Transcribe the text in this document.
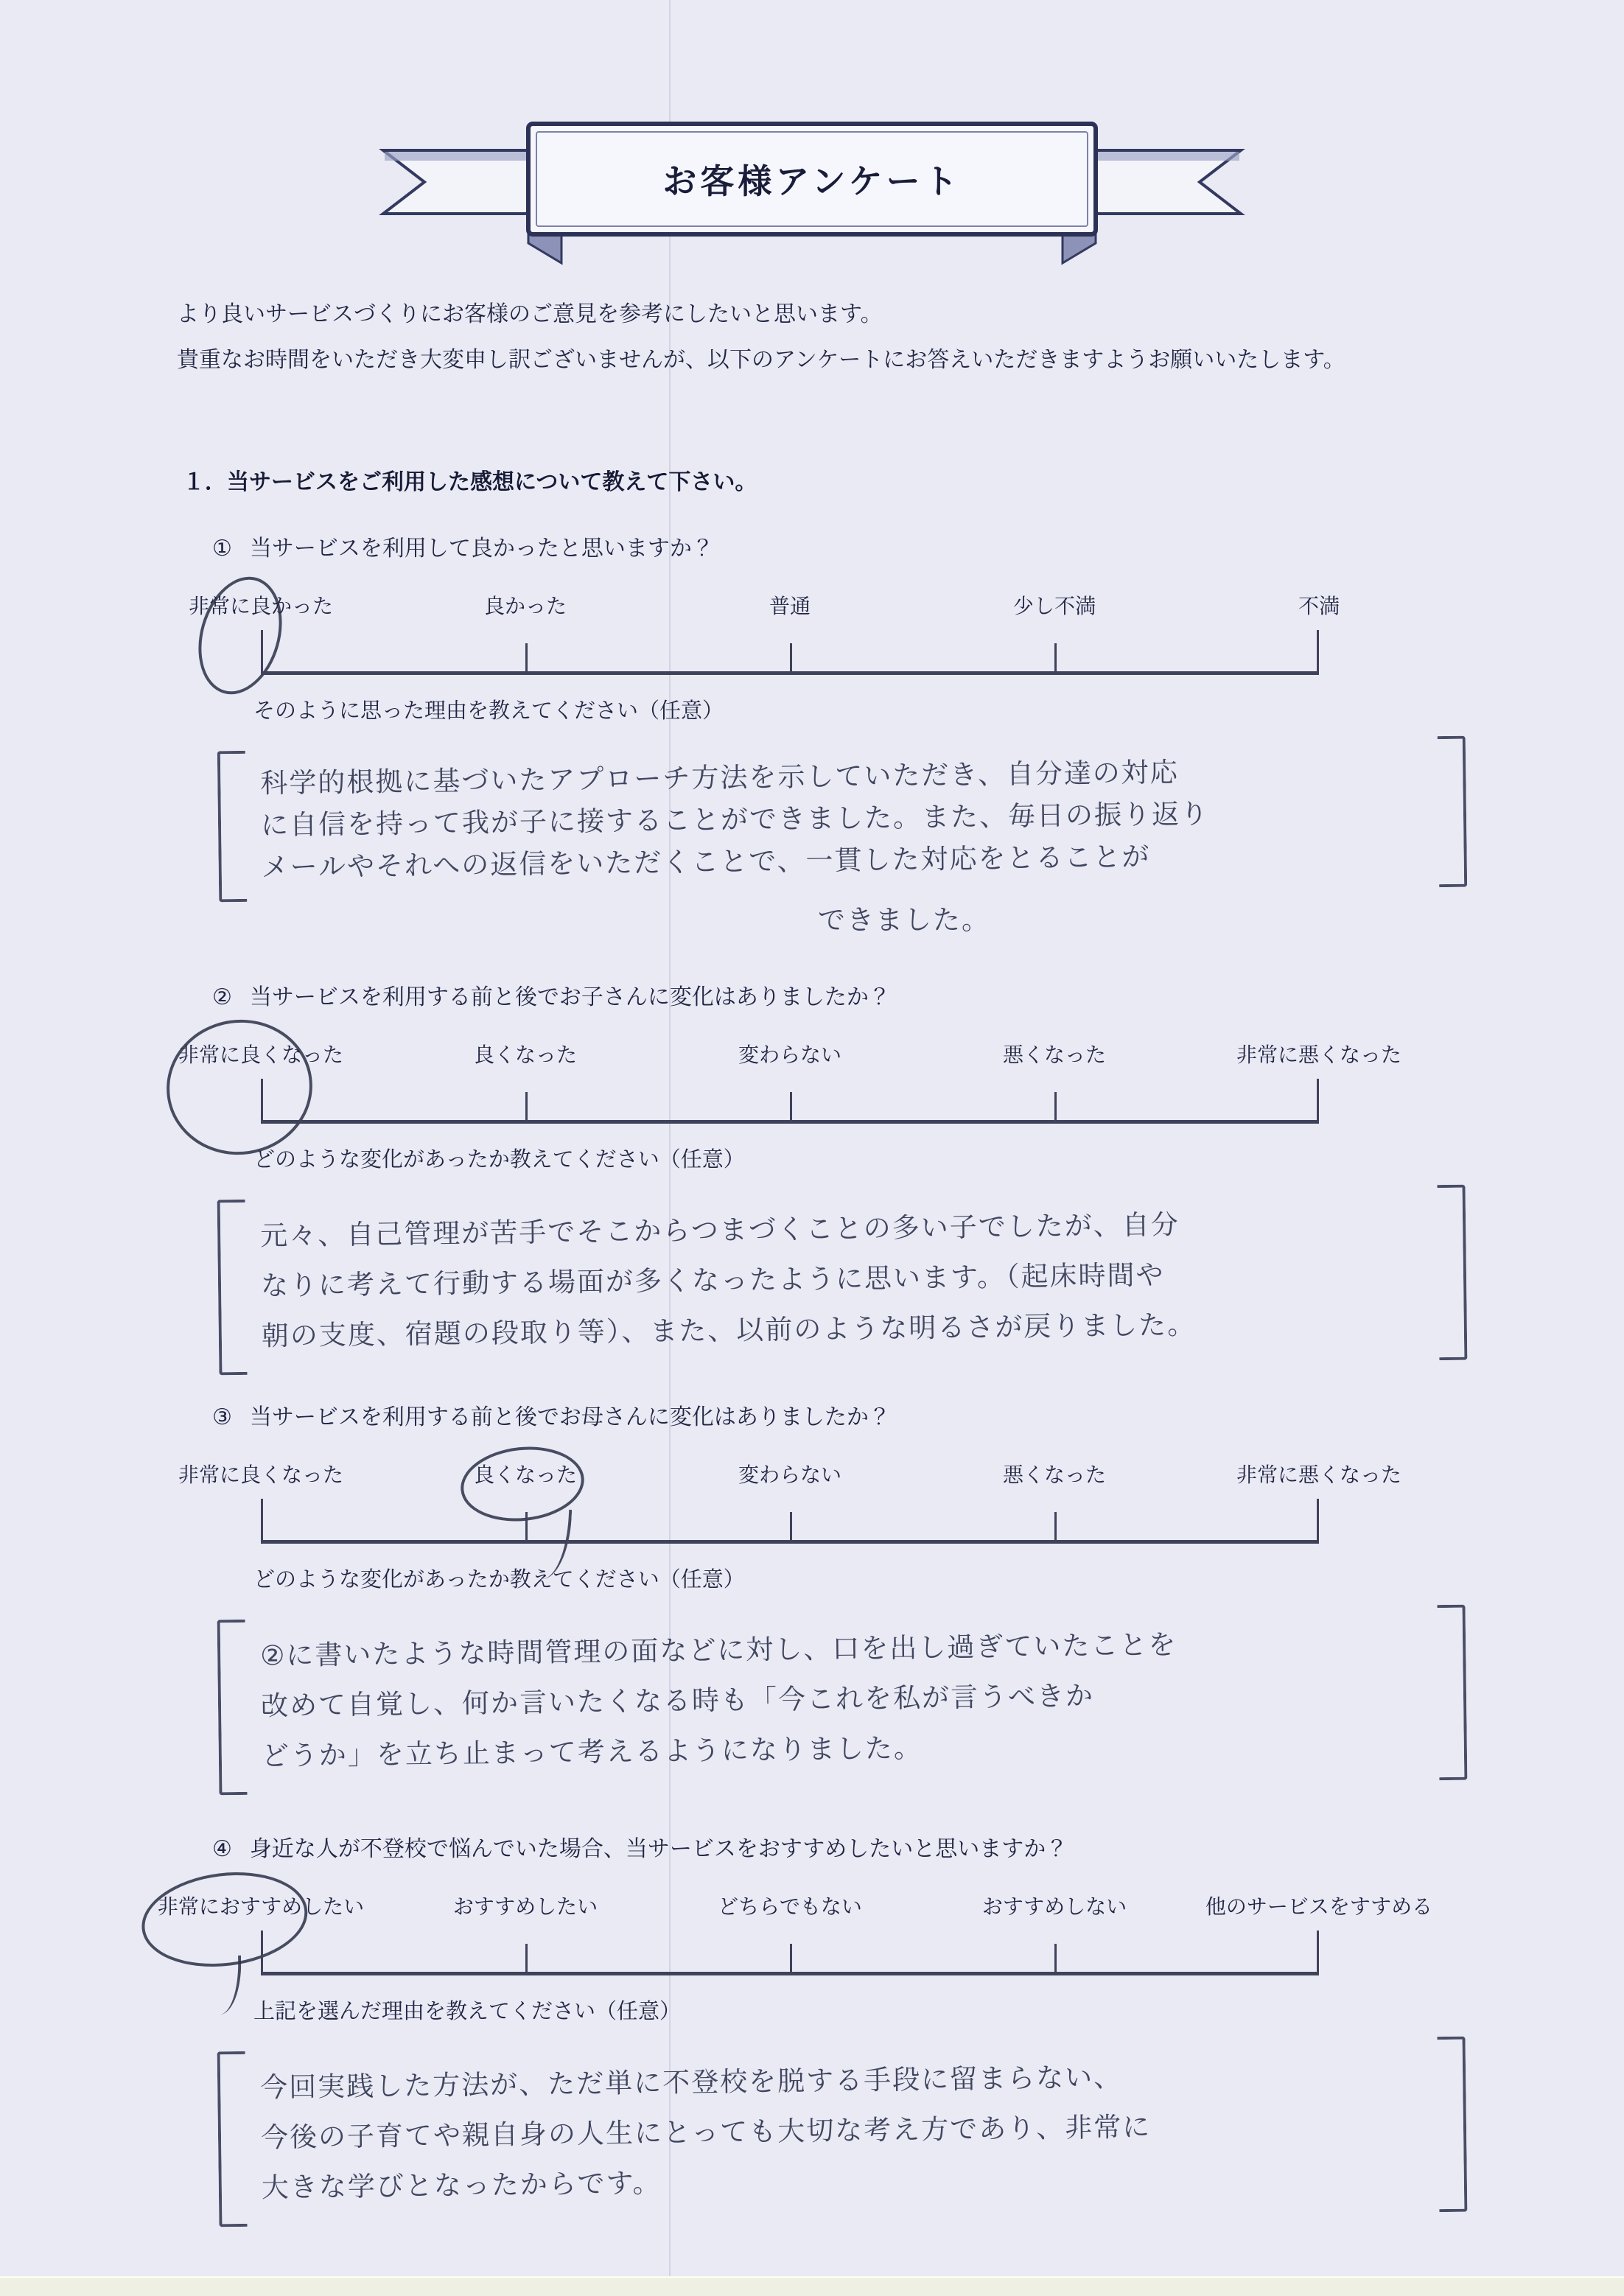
お客様アンケート
より良いサービスづくりにお客様のご意見を参考にしたいと思います。
貴重なお時間をいただき大変申し訳ございませんが、以下のアンケートにお答えいただきますようお願いいたします。
１．当サービスをご利用した感想について教えて下さい。
① 当サービスを利用して良かったと思いますか？
非常に良かった	良かった	普通	少し不満	不満
そのように思った理由を教えてください（任意）
科学的根拠に基づいたアプローチ方法を示していただき、自分達の対応
に自信を持って我が子に接することができました。また、毎日の振り返り
メールやそれへの返信をいただくことで、一貫した対応をとることが
できました。
② 当サービスを利用する前と後でお子さんに変化はありましたか？
非常に良くなった	良くなった	変わらない	悪くなった	非常に悪くなった
どのような変化があったか教えてください（任意）
元々、自己管理が苦手でそこからつまづくことの多い子でしたが、自分
なりに考えて行動する場面が多くなったように思います。（起床時間や
朝の支度、宿題の段取り等）、また、以前のような明るさが戻りました。
③ 当サービスを利用する前と後でお母さんに変化はありましたか？
非常に良くなった	良くなった	変わらない	悪くなった	非常に悪くなった
どのような変化があったか教えてください（任意）
②に書いたような時間管理の面などに対し、口を出し過ぎていたことを
改めて自覚し、何か言いたくなる時も「今これを私が言うべきか
どうか」を立ち止まって考えるようになりました。
④ 身近な人が不登校で悩んでいた場合、当サービスをおすすめしたいと思いますか？
非常におすすめしたい	おすすめしたい	どちらでもない	おすすめしない	他のサービスをすすめる
上記を選んだ理由を教えてください（任意）
今回実践した方法が、ただ単に不登校を脱する手段に留まらない、
今後の子育てや親自身の人生にとっても大切な考え方であり、非常に
大きな学びとなったからです。
